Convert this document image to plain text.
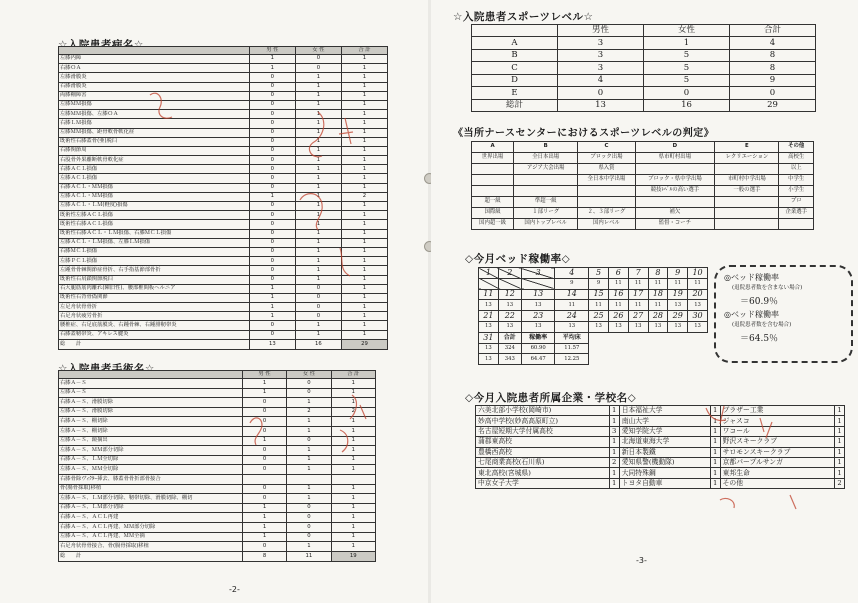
☆入院患者病名☆
		男 性	女 性	合 計
左膝内障	1	0	1
右膝ＯＡ	1	0	1
左膝滑膜炎	0	1	1
右膝滑膜炎	0	1	1
両膝棚障害	0	1	1
左膝ＭＭ損傷	0	1	1
左膝ＭＭ損傷、左膝ＯＡ	0	1	1
右膝ＬＭ損傷	0	1	1
左膝ＭＭ損傷、距骨軟骨軟化症	0	1	1
既術性右膝蓋骨(亜)脱臼	0	1	1
右膝関節周	0	1	1
右股骨外果離断軟骨軟化症	0	1	1
右膝ＡＣＬ損傷	0	1	1
左膝ＡＣＬ損傷	0	1	1
右膝ＡＣＬ・ＭＭ損傷	0	1	1
左膝ＡＣＬ・ＭＭ損傷	1	1	2
左膝ＡＣＬ・ＬＭ(軽度)損傷	0	1	1
既術性左膝ＡＣＬ損傷	0	1	1
既術性右膝ＡＣＬ損傷	0	1	1
既術性右膝ＡＣＬ・ＬＭ損傷、右膝ＭＣＬ損傷	0	1	1
左膝ＡＣＬ・ＬＭ損傷、左膝ＬＭ損傷	0	1	1
右膝ＭＣＬ損傷	0	1	1
左膝ＰＣＬ損傷	0	1	1
左踵骨骨棘関節症骨折、右手指基節部骨折	0	1	1
既術性右肩鎖関節脱臼	0	1	1
右大腿筋筋肉離れ(陳旧性)、腰部椎間板ヘルニア	1	0	1
既術性右背骨偽関節	1	0	1
左足舟状骨骨折	1	0	1
右足舟状疲労骨折	1	0	1
腰椎症、右足底筋膜炎、右踵骨棘、右踵腓靭帯炎	0	1	1
右膝蓋靭帯炎、アキレス腱炎	0	1	1
総　　計	13	16	29
☆入院患者手術名☆
		男 性	女 性	合 計
右膝Ａ－Ｓ	1	0	1
左膝Ａ－Ｓ	1	0	1
右膝Ａ－Ｓ、滑膜切除	0	1	1
左膝Ａ－Ｓ、滑膜切除	0	2	2
右膝Ａ－Ｓ、棚切除	0	1	1
左膝Ａ－Ｓ、棚切除	0	1	1
左膝Ａ－Ｓ、鏡摘出	1	0	1
左膝Ａ－Ｓ、ＭＭ部分切除	0	1	1
右膝Ａ－Ｓ、ＬＭ全切除	0	1	1
左膝Ａ－Ｓ、ＭＭ全切除	0	1	1
右膝骨除ヴｨｸﾀｰ挿去、膝蓋骨骨折部骨接合			
骨(腸骨採取)移植	0	1	1
左膝Ａ－Ｓ、ＬＭ部分切除、靭帯切除、滑膜切除、棚切	0	1	1
右膝Ａ－Ｓ、ＬＭ部分切除	1	0	1
右膝Ａ－Ｓ、ＡＣＬ再建	1	0	1
右膝Ａ－Ｓ、ＡＣＬ再建、ＭＭ部分切除	1	0	1
左膝Ａ－Ｓ、ＡＣＬ再建、ＭＭ全摘	1	0	1
右足舟状骨骨接合、骨(腸骨採取)移植	0	1	1
総　　計	8	11	19
-2-
☆入院患者スポーツレベル☆
	男性	女性	合計
A	3	1	4
B	3	5	8
C	3	5	8
D	4	5	9
E	0	0	0
総計	13	16	29
《当所ナースセンターにおけるスポーツレベルの判定》
A	B	C	D	E	その他
世界出場	全日本出場	ブロック出場	県市町村出場	レクリエーション	高校生
	アジア大会出場	県入賞			以上
		全日本中学出場	ブロック・県中学出場	市町村中学出場	中学生
			競技ﾚﾍﾞﾙの高い選手	一般の選手	小学生
超一級	準超一級				プロ
国際級	１部リーグ	２、３部リーグ	補欠		企業選手
国内超一級	国内トップレベル	国内レベル	監督・コーチ		
◇今月ベッド稼働率◇
1	2	3	4	5	6	7	8	9	10
			9	9	11	11	11	11	11
11	12	13	14	15	16	17	18	19	20
13	13	13	11	11	11	11	11	13	13
21	22	23	24	25	26	27	28	29	30
13	13	13	13	13	13	13	13	13	13
31	合計	稼働率	平均床						
13	324	60.90	11.57						
13	343	64.47	12.25						
◎ベッド稼働率
(退院患者数を含まない場合)
＝60.9％
◎ベッド稼働率
(退院患者数を含む場合)
＝64.5％
◇今月入院患者所属企業・学校名◇
六美北部小学校(岡崎市)	1	日本福祉大学	1	ブラザー工業	1
妙高中学校(妙高高原町立)	1	南山大学	1	ジャスコ	1
名古屋短期大学付属高校	3	愛知学院大学	1	ワコール	1
蒲郡東高校	1	北海道東海大学	1	野沢スキークラブ	1
豊橋西高校	1	新日本製鐵	1	サロモンスキークラブ	1
七尾商業高校(石川県)	2	愛知県警(機動隊)	1	京都パープルサンガ	1
東北高校(宮城県)	1	大同特殊鋼	1	東邦生命	1
中京女子大学	1	トヨタ自動車	1	その他	2
-3-
